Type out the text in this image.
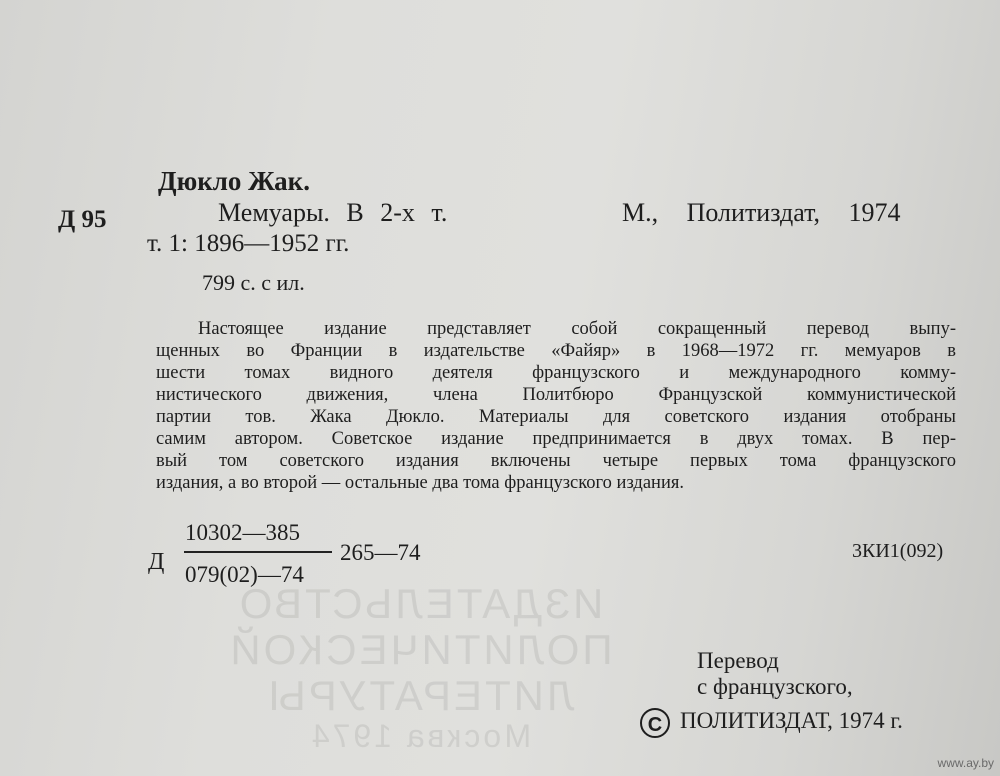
Д 95
Дюкло Жак.
Мемуары. В 2-х т.	М., Политиздат, 1974
т. 1: 1896—1952 гг.
799 с. с ил.
Настоящее издание представляет собой сокращенный перевод выпу-
щенных во Франции в издательстве «Файяр» в 1968—1972 гг. мемуаров в
шести томах видного деятеля французского и международного комму-
нистического движения, члена Политбюро Французской коммунистической
партии тов. Жака Дюкло. Материалы для советского издания отобраны
самим автором. Советское издание предпринимается в двух томах. В пер-
вый том советского издания включены четыре первых тома французского
издания, а во второй — остальные два тома французского издания.
Д
10302—385
079(02)—74
265—74	3КИ1(092)
ИЗДАТЕЛЬСТВО
ПОЛИТИЧЕСКОЙ
ЛИТЕРАТУРЫ
Москва 1974
Перевод
с французского,
C ПОЛИТИЗДАТ, 1974 г.
www.ay.by
